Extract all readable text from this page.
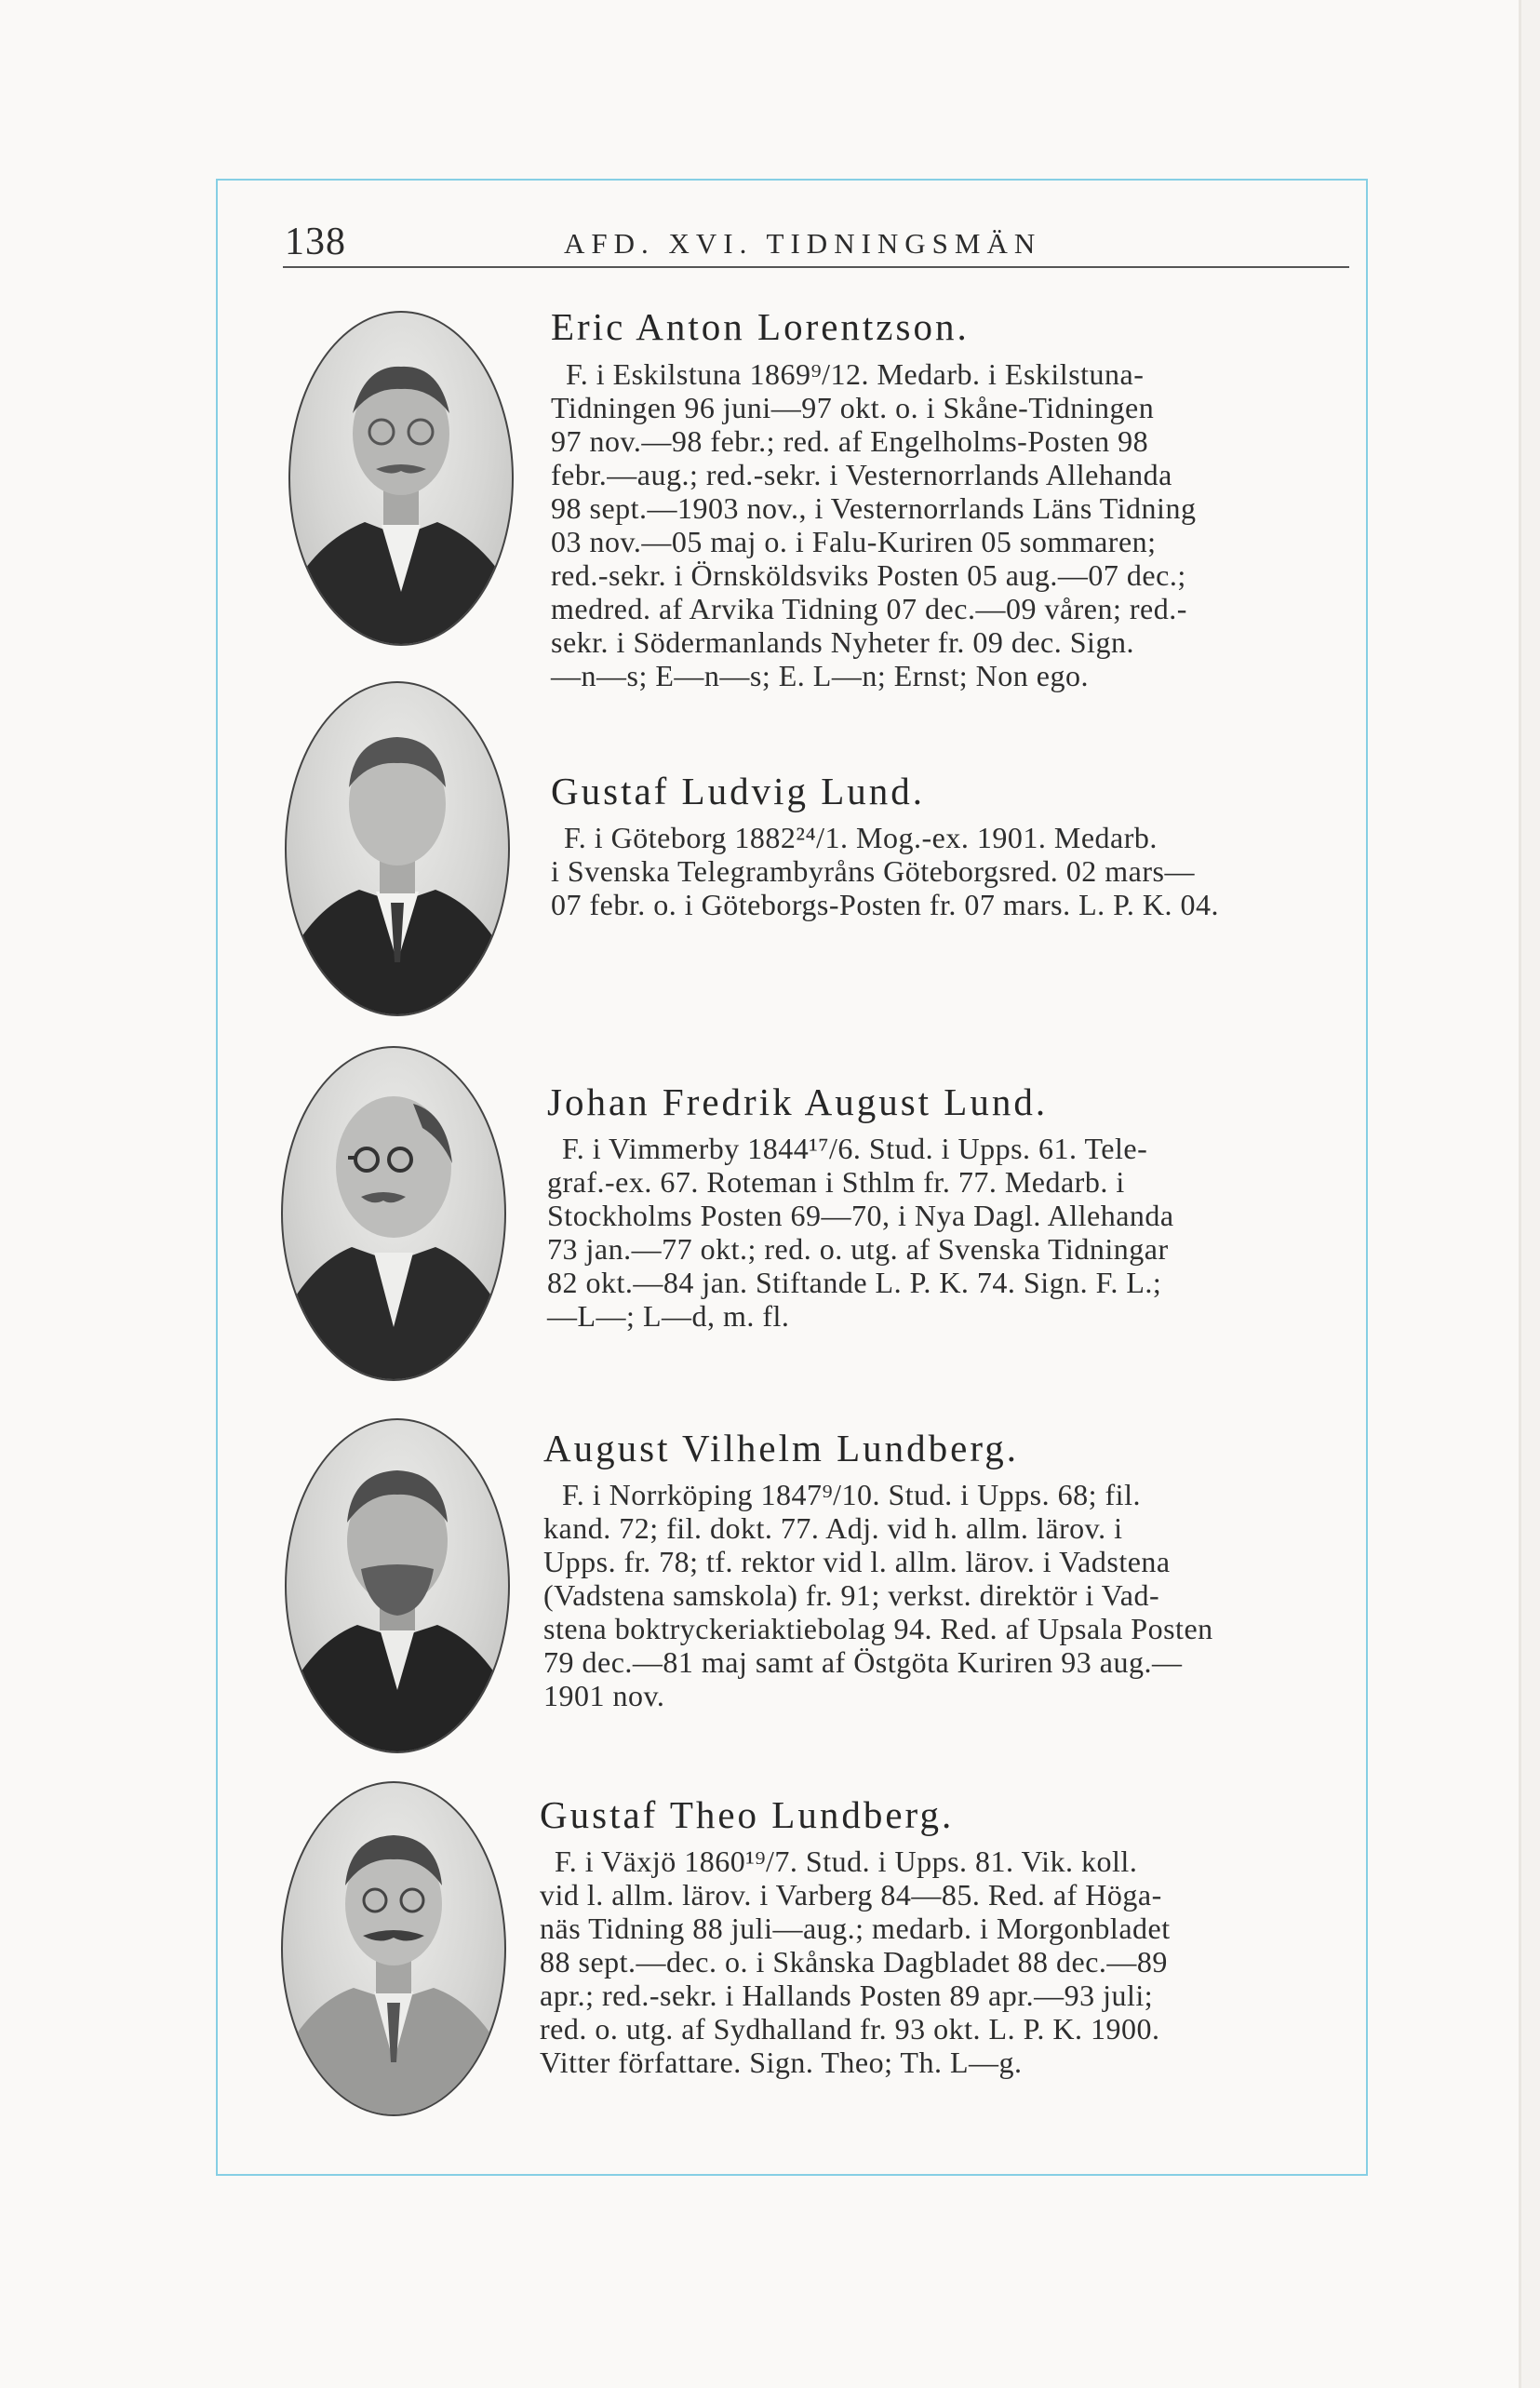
138	AFD. XVI. TIDNINGSMÄN
Eric Anton Lorentzson.
F. i Eskilstuna 1869⁹/12. Medarb. i Eskilstuna-
Tidningen 96 juni—97 okt. o. i Skåne-Tidningen
97 nov.—98 febr.; red. af Engelholms-Posten 98
febr.—aug.; red.-sekr. i Vesternorrlands Allehanda
98 sept.—1903 nov., i Vesternorrlands Läns Tidning
03 nov.—05 maj o. i Falu-Kuriren 05 sommaren;
red.-sekr. i Örnsköldsviks Posten 05 aug.—07 dec.;
medred. af Arvika Tidning 07 dec.—09 våren; red.-
sekr. i Södermanlands Nyheter fr. 09 dec. Sign.
—n—s; E—n—s; E. L—n; Ernst; Non ego.
Gustaf Ludvig Lund.
F. i Göteborg 1882²⁴/1. Mog.-ex. 1901. Medarb.
i Svenska Telegrambyråns Göteborgsred. 02 mars—
07 febr. o. i Göteborgs-Posten fr. 07 mars. L. P. K. 04.
Johan Fredrik August Lund.
F. i Vimmerby 1844¹⁷/6. Stud. i Upps. 61. Tele-
graf.-ex. 67. Roteman i Sthlm fr. 77. Medarb. i
Stockholms Posten 69—70, i Nya Dagl. Allehanda
73 jan.—77 okt.; red. o. utg. af Svenska Tidningar
82 okt.—84 jan. Stiftande L. P. K. 74. Sign. F. L.;
—L—; L—d, m. fl.
August Vilhelm Lundberg.
F. i Norrköping 1847⁹/10. Stud. i Upps. 68; fil.
kand. 72; fil. dokt. 77. Adj. vid h. allm. lärov. i
Upps. fr. 78; tf. rektor vid l. allm. lärov. i Vadstena
(Vadstena samskola) fr. 91; verkst. direktör i Vad-
stena boktryckeriaktiebolag 94. Red. af Upsala Posten
79 dec.—81 maj samt af Östgöta Kuriren 93 aug.—
1901 nov.
Gustaf Theo Lundberg.
F. i Växjö 1860¹⁹/7. Stud. i Upps. 81. Vik. koll.
vid l. allm. lärov. i Varberg 84—85. Red. af Höga-
näs Tidning 88 juli—aug.; medarb. i Morgonbladet
88 sept.—dec. o. i Skånska Dagbladet 88 dec.—89
apr.; red.-sekr. i Hallands Posten 89 apr.—93 juli;
red. o. utg. af Sydhalland fr. 93 okt. L. P. K. 1900.
Vitter författare. Sign. Theo; Th. L—g.
